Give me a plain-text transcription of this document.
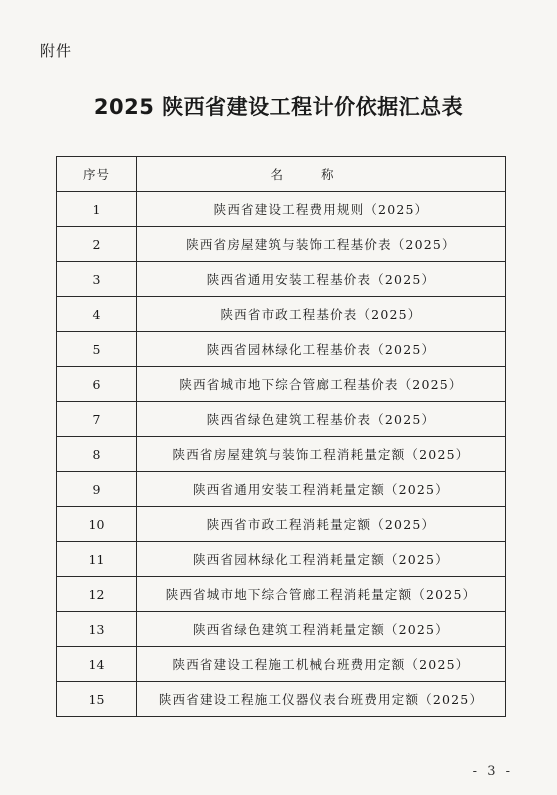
附件
2025 陕西省建设工程计价依据汇总表
序号	名称
1	陕西省建设工程费用规则（2025）
2	陕西省房屋建筑与装饰工程基价表（2025）
3	陕西省通用安装工程基价表（2025）
4	陕西省市政工程基价表（2025）
5	陕西省园林绿化工程基价表（2025）
6	陕西省城市地下综合管廊工程基价表（2025）
7	陕西省绿色建筑工程基价表（2025）
8	陕西省房屋建筑与装饰工程消耗量定额（2025）
9	陕西省通用安装工程消耗量定额（2025）
10	陕西省市政工程消耗量定额（2025）
11	陕西省园林绿化工程消耗量定额（2025）
12	陕西省城市地下综合管廊工程消耗量定额（2025）
13	陕西省绿色建筑工程消耗量定额（2025）
14	陕西省建设工程施工机械台班费用定额（2025）
15	陕西省建设工程施工仪器仪表台班费用定额（2025）
- 3 -
